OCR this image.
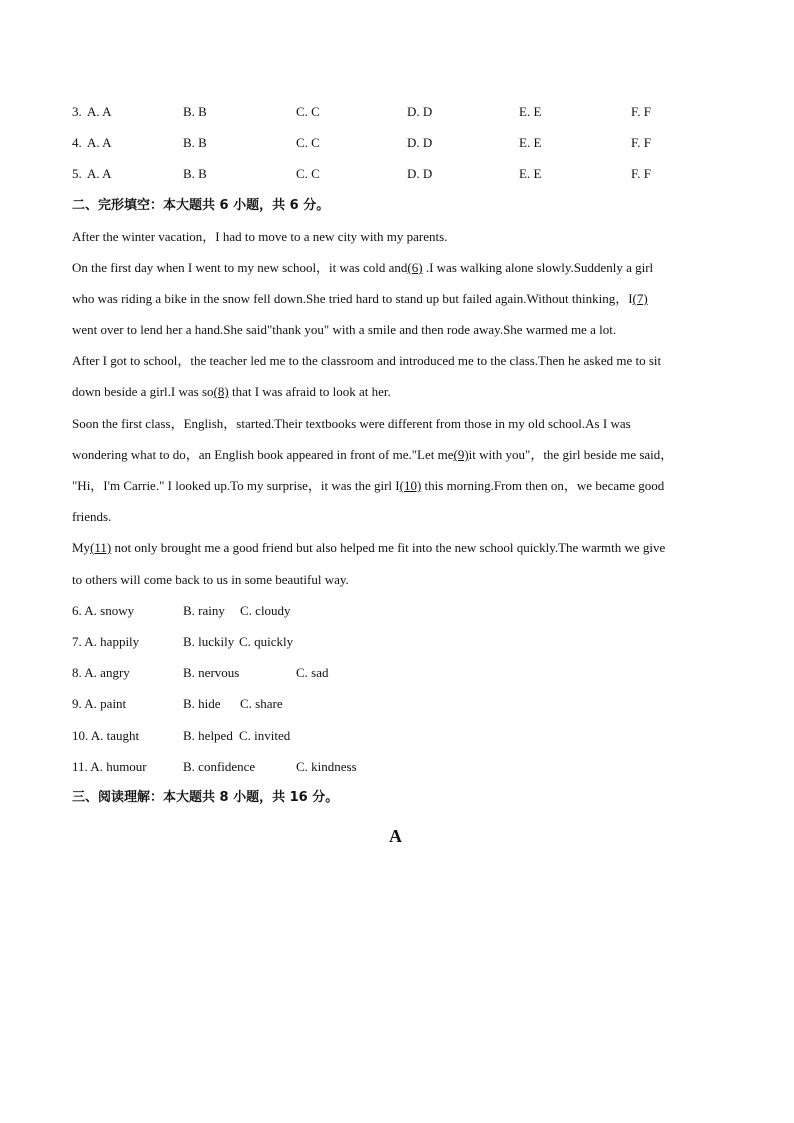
3. A. A	B. B	C. C	D. D	E. E	F. F
4. A. A	B. B	C. C	D. D	E. E	F. F
5. A. A	B. B	C. C	D. D	E. E	F. F
二、完形填空：本大题共 6 小题，共 6 分。
After the winter vacation，I had to move to a new city with my parents.
On the first day when I went to my new school，it was cold and(6) .I was walking alone slowly.Suddenly a girl
who was riding a bike in the snow fell down.She tried hard to stand up but failed again.Without thinking，I(7)
went over to lend her a hand.She said"thank you" with a smile and then rode away.She warmed me a lot.
After I got to school，the teacher led me to the classroom and introduced me to the class.Then he asked me to sit
down beside a girl.I was so(8) that I was afraid to look at her.
Soon the first class，English，started.Their textbooks were different from those in my old school.As I was
wondering what to do，an English book appeared in front of me."Let me(9)it with you"，the girl beside me said，
"Hi，I'm Carrie." I looked up.To my surprise，it was the girl I(10) this morning.From then on，we became good
friends.
My(11) not only brought me a good friend but also helped me fit into the new school quickly.The warmth we give
to others will come back to us in some beautiful way.
6. A. snowy	B. rainy C. cloudy
7. A. happily	B. luckily C. quickly
8. A. angry	B. nervous	C. sad
9. A. paint	B. hide C. share
10. A. taught	B. helped C. invited
11. A. humour	B. confidence	C. kindness
三、阅读理解：本大题共 8 小题，共 16 分。
A
